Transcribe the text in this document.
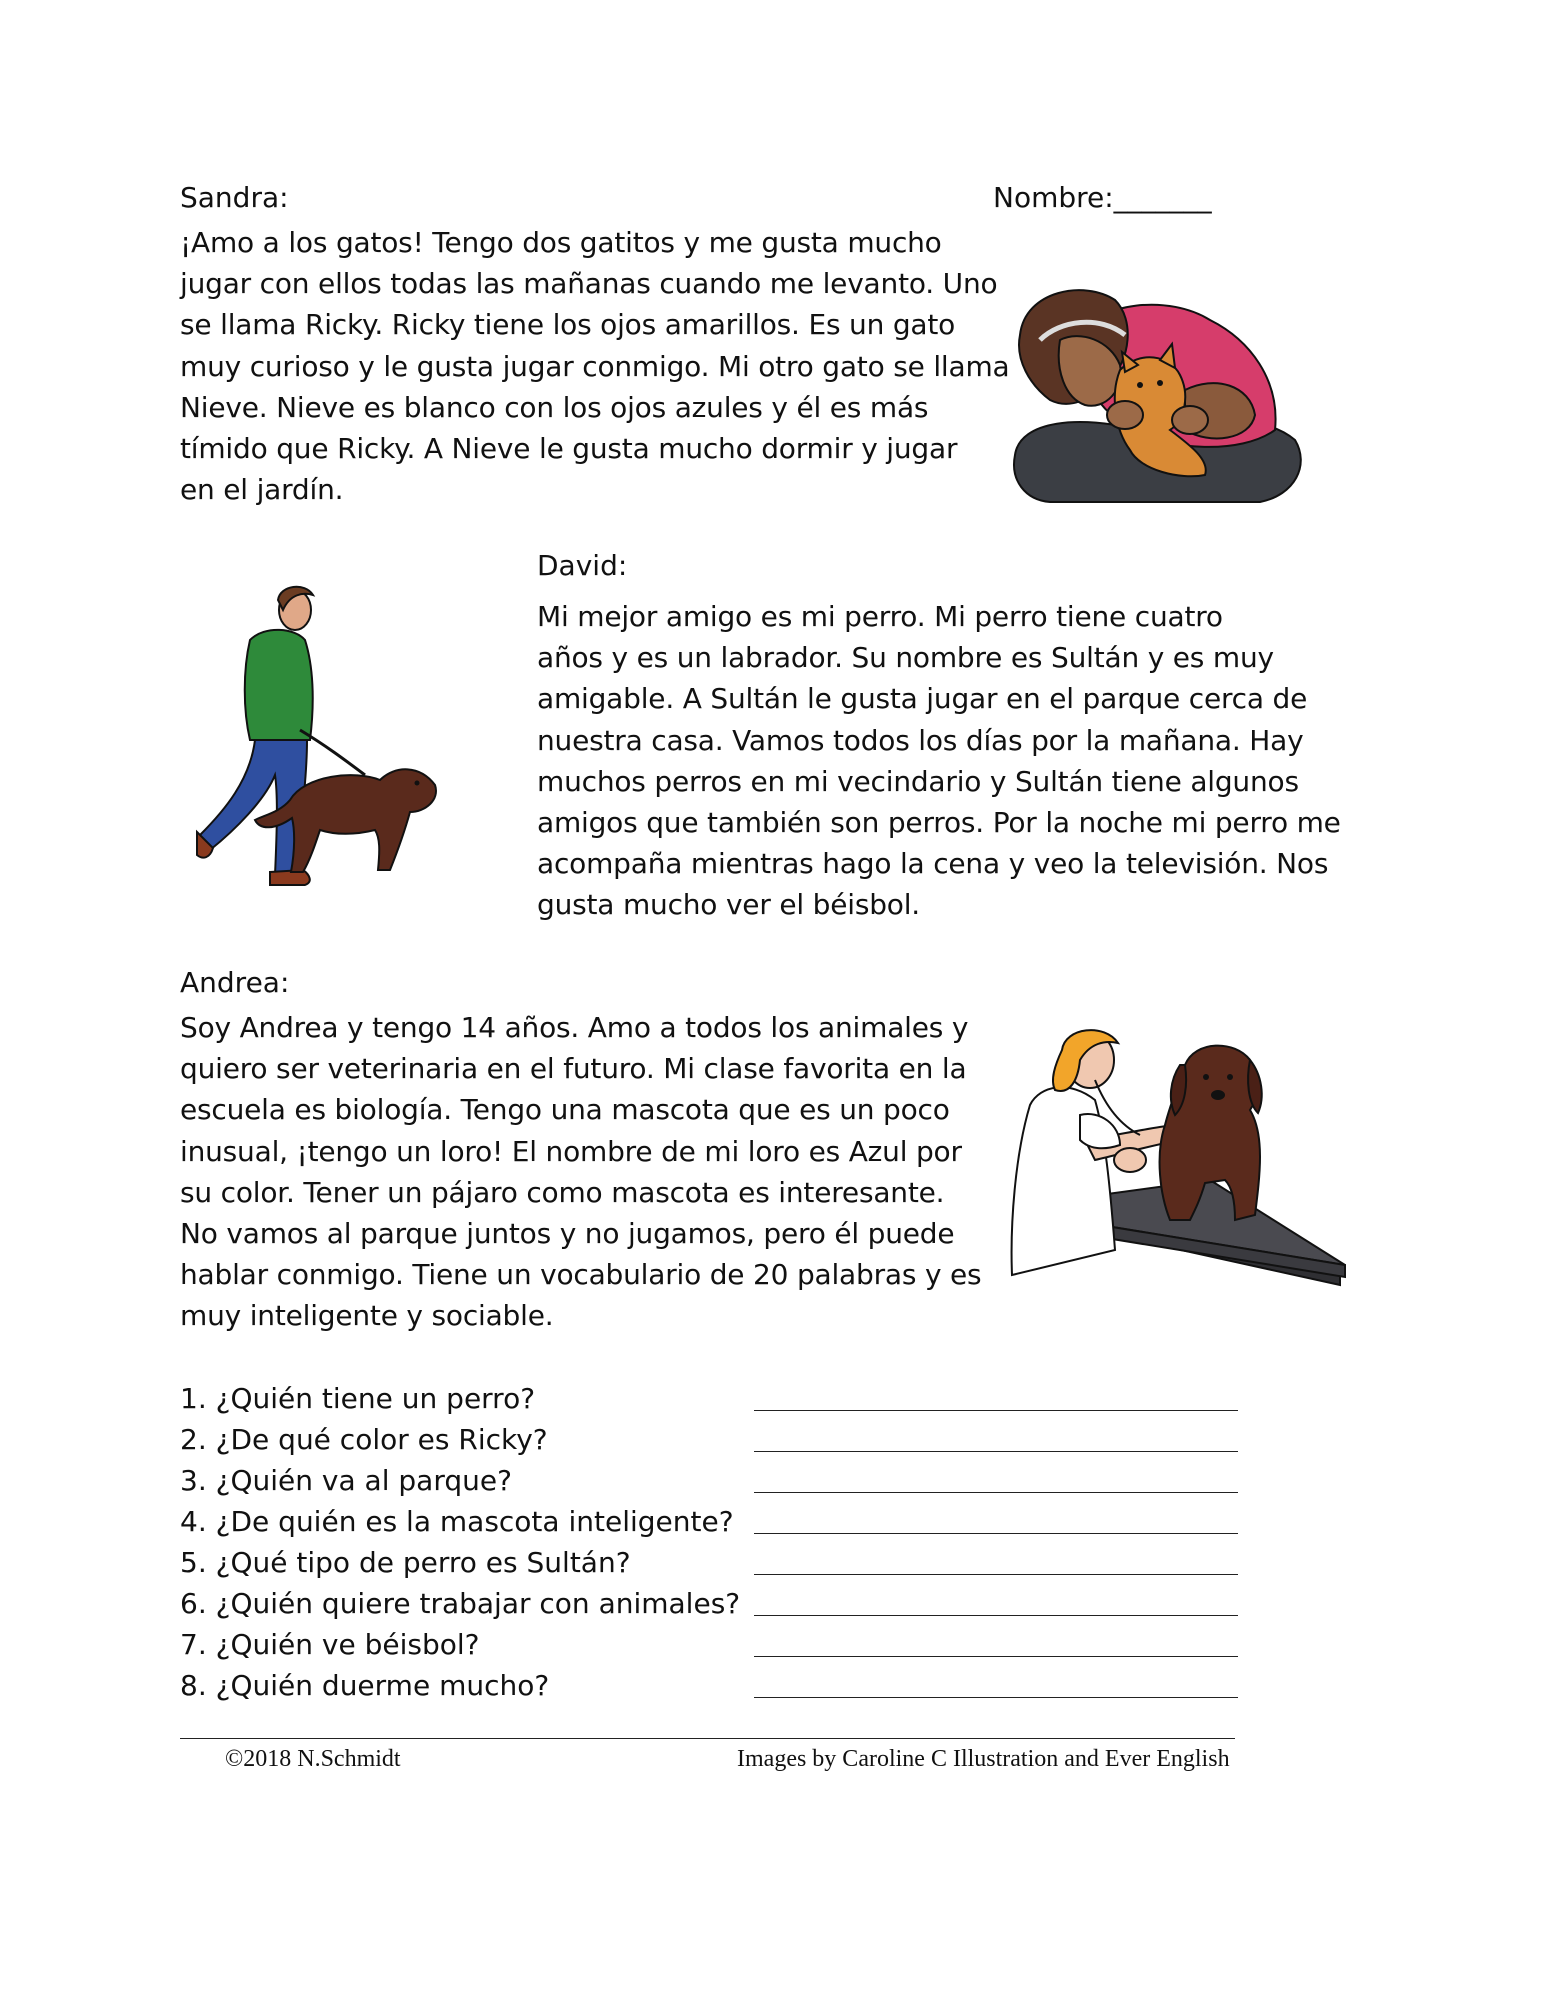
Sandra:	Nombre:_______
¡Amo a los gatos! Tengo dos gatitos y me gusta mucho
jugar con ellos todas las mañanas cuando me levanto. Uno
se llama Ricky. Ricky tiene los ojos amarillos. Es un gato
muy curioso y le gusta jugar conmigo. Mi otro gato se llama
Nieve. Nieve es blanco con los ojos azules y él es más
tímido que Ricky. A Nieve le gusta mucho dormir y jugar
en el jardín.
David:
Mi mejor amigo es mi perro. Mi perro tiene cuatro
años y es un labrador. Su nombre es Sultán y es muy
amigable. A Sultán le gusta jugar en el parque cerca de
nuestra casa. Vamos todos los días por la mañana. Hay
muchos perros en mi vecindario y Sultán tiene algunos
amigos que también son perros. Por la noche mi perro me
acompaña mientras hago la cena y veo la televisión. Nos
gusta mucho ver el béisbol.
Andrea:
Soy Andrea y tengo 14 años. Amo a todos los animales y
quiero ser veterinaria en el futuro. Mi clase favorita en la
escuela es biología. Tengo una mascota que es un poco
inusual, ¡tengo un loro! El nombre de mi loro es Azul por
su color. Tener un pájaro como mascota es interesante.
No vamos al parque juntos y no jugamos, pero él puede
hablar conmigo. Tiene un vocabulario de 20 palabras y es
muy inteligente y sociable.
1. ¿Quién tiene un perro?
2. ¿De qué color es Ricky?
3. ¿Quién va al parque?
4. ¿De quién es la mascota inteligente?
5. ¿Qué tipo de perro es Sultán?
6. ¿Quién quiere trabajar con animales?
7. ¿Quién ve béisbol?
8. ¿Quién duerme mucho?
©2018 N.Schmidt	Images by Caroline C Illustration and Ever English
